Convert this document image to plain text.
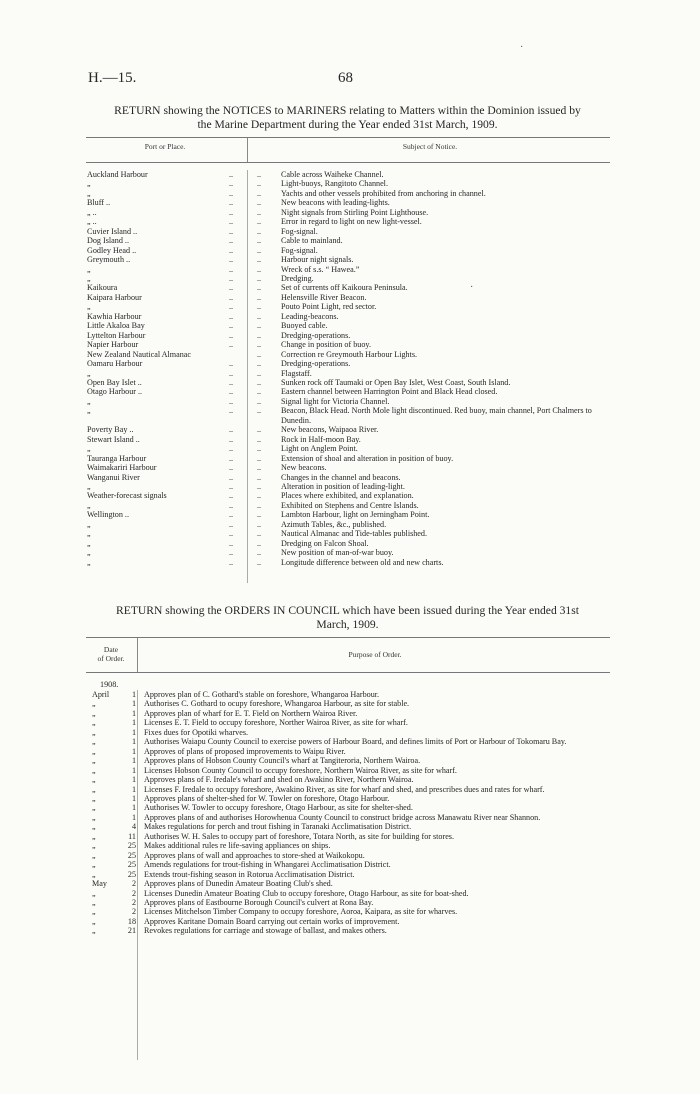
H.—15.	68
RETURN showing the NOTICES to MARINERS relating to Matters within the Dominion issued by
the Marine Department during the Year ended 31st March, 1909.
Port or Place.	Subject of Notice.
Auckland Harbour	..	..	Cable across Waiheke Channel.
„	..	..	Light-buoys, Rangitoto Channel.
„	..	..	Yachts and other vessels prohibited from anchoring in channel.
Bluff ..	..	..	New beacons with leading-lights.
„ ..	..	..	Night signals from Stirling Point Lighthouse.
„ ..	..	..	Error in regard to light on new light-vessel.
Cuvier Island ..	..	..	Fog-signal.
Dog Island ..	..	..	Cable to mainland.
Godley Head ..	..	..	Fog-signal.
Greymouth ..	..	..	Harbour night signals.
„	..	..	Wreck of s.s. “ Hawea.”
„	..	..	Dredging.
Kaikoura	..	..	Set of currents off Kaikoura Peninsula.
Kaipara Harbour	..	..	Helensville River Beacon.
„	..	..	Pouto Point Light, red sector.
Kawhia Harbour	..	..	Leading-beacons.
Little Akaloa Bay	..	..	Buoyed cable.
Lyttelton Harbour	..	..	Dredging-operations.
Napier Harbour	..	..	Change in position of buoy.
New Zealand Nautical Almanac	..	Correction re Greymouth Harbour Lights.
Oamaru Harbour	..	..	Dredging-operations.
„	..	..	Flagstaff.
Open Bay Islet ..	..	..	Sunken rock off Taumaki or Open Bay Islet, West Coast, South Island.
Otago Harbour ..	..	..	Eastern channel between Harrington Point and Black Head closed.
„	..	..	Signal light for Victoria Channel.
„	..	..	Beacon, Black Head. North Mole light discontinued. Red buoy, main channel, Port Chalmers to Dunedin.
Poverty Bay ..	..	..	New beacons, Waipaoa River.
Stewart Island ..	..	..	Rock in Half-moon Bay.
„	..	..	Light on Anglem Point.
Tauranga Harbour	..	..	Extension of shoal and alteration in position of buoy.
Waimakariri Harbour	..	..	New beacons.
Wanganui River	..	..	Changes in the channel and beacons.
„	..	..	Alteration in position of leading-light.
Weather-forecast signals	..	..	Places where exhibited, and explanation.
„	..	..	Exhibited on Stephens and Centre Islands.
Wellington ..	..	..	Lambton Harbour, light on Jerningham Point.
„	..	..	Azimuth Tables, &c., published.
„	..	..	Nautical Almanac and Tide-tables published.
„	..	..	Dredging on Falcon Shoal.
„	..	..	New position of man-of-war buoy.
„	..	..	Longitude difference between old and new charts.
·
·
RETURN showing the ORDERS IN COUNCIL which have been issued during the Year ended 31st
March, 1909.
Date
of Order.	Purpose of Order.
1908.
April	1 Approves plan of C. Gothard's stable on foreshore, Whangaroa Harbour.
„	1 Authorises C. Gothard to ocupy foreshore, Whangaroa Harbour, as site for stable.
„	1 Approves plan of wharf for E. T. Field on Northern Wairoa River.
„	1 Licenses E. T. Field to occupy foreshore, Norther Wairoa River, as site for wharf.
„	1 Fixes dues for Opotiki wharves.
„	1 Authorises Waiapu County Council to exercise powers of Harbour Board, and defines limits of Port or Harbour of Tokomaru Bay.
„	1 Approves of plans of proposed improvements to Waipu River.
„	1 Approves plans of Hobson County Council's wharf at Tangiteroria, Northern Wairoa.
„	1 Licenses Hobson County Council to occupy foreshore, Northern Wairoa River, as site for wharf.
„	1 Approves plans of F. Iredale's wharf and shed on Awakino River, Northern Wairoa.
„	1 Licenses F. Iredale to occupy foreshore, Awakino River, as site for wharf and shed, and prescribes dues and rates for wharf.
„	1 Approves plans of shelter-shed for W. Towler on foreshore, Otago Harbour.
„	1 Authorises W. Towler to occupy foreshore, Otago Harbour, as site for shelter-shed.
„	1 Approves plans of and authorises Horowhenua County Council to construct bridge across Manawatu River near Shannon.
„	4 Makes regulations for perch and trout fishing in Taranaki Acclimatisation District.
„	11 Authorises W. H. Sales to occupy part of foreshore, Totara North, as site for building for stores.
„	25 Makes additional rules re life-saving appliances on ships.
„	25 Approves plans of wall and approaches to store-shed at Waikokopu.
„	25 Amends regulations for trout-fishing in Whangarei Acclimatisation District.
„	25 Extends trout-fishing season in Rotorua Acclimatisation District.
May	2 Approves plans of Dunedin Amateur Boating Club's shed.
„	2 Licenses Dunedin Amateur Boating Club to occupy foreshore, Otago Harbour, as site for boat-shed.
„	2 Approves plans of Eastbourne Borough Council's culvert at Rona Bay.
„	2 Licenses Mitchelson Timber Company to occupy foreshore, Aoroa, Kaipara, as site for wharves.
„	18 Approves Karitane Domain Board carrying out certain works of improvement.
„	21 Revokes regulations for carriage and stowage of ballast, and makes others.
